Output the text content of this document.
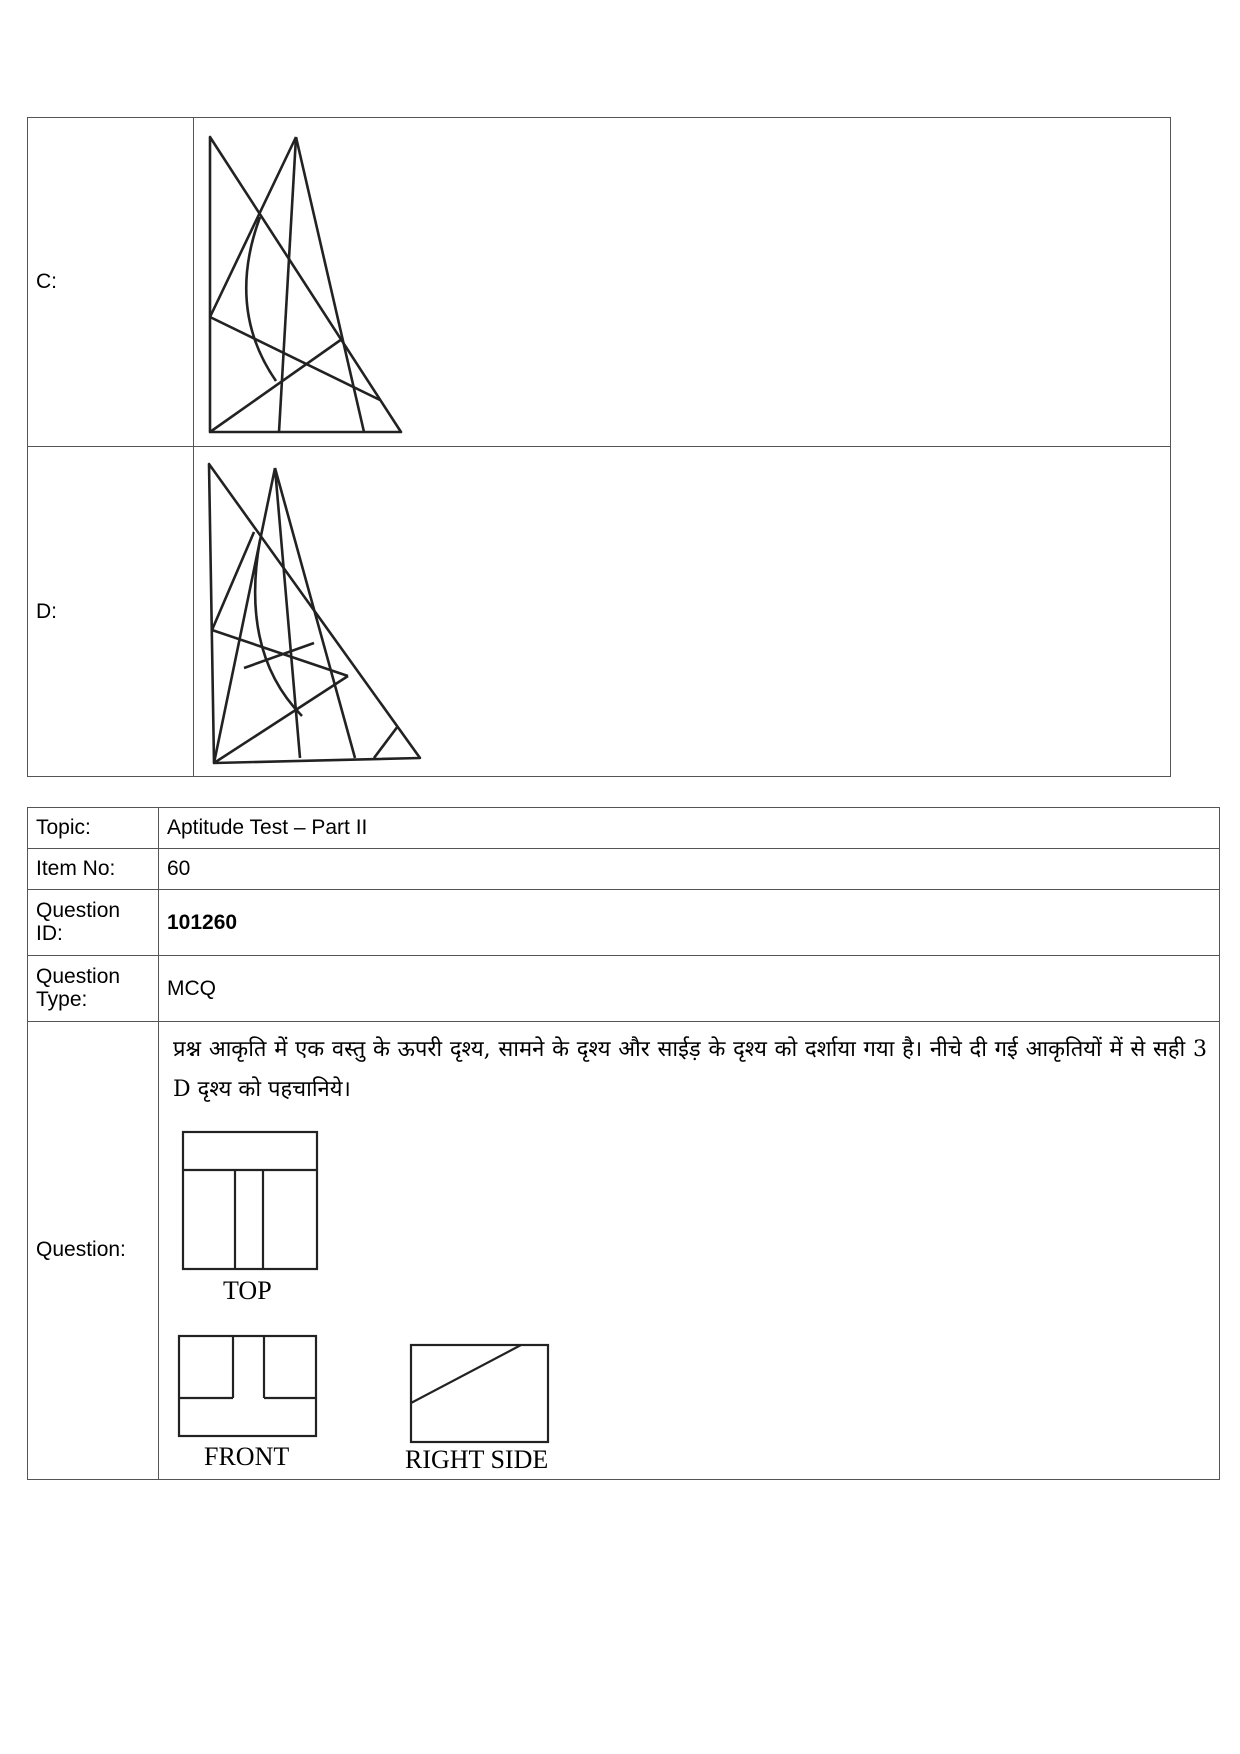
C:	

D:	
Topic:	Aptitude Test – Part II
Item No:	60
Question ID:	101260
Question Type:	MCQ
Question:	प्रश्न आकृति में एक वस्तु के ऊपरी दृश्य, सामने के दृश्य और साईड़ के दृश्य को दर्शाया गया है। नीचे दी गई आकृतियों में से सही 3 D दृश्य को पहचानिये।

TOP
FRONT RIGHT SIDE
